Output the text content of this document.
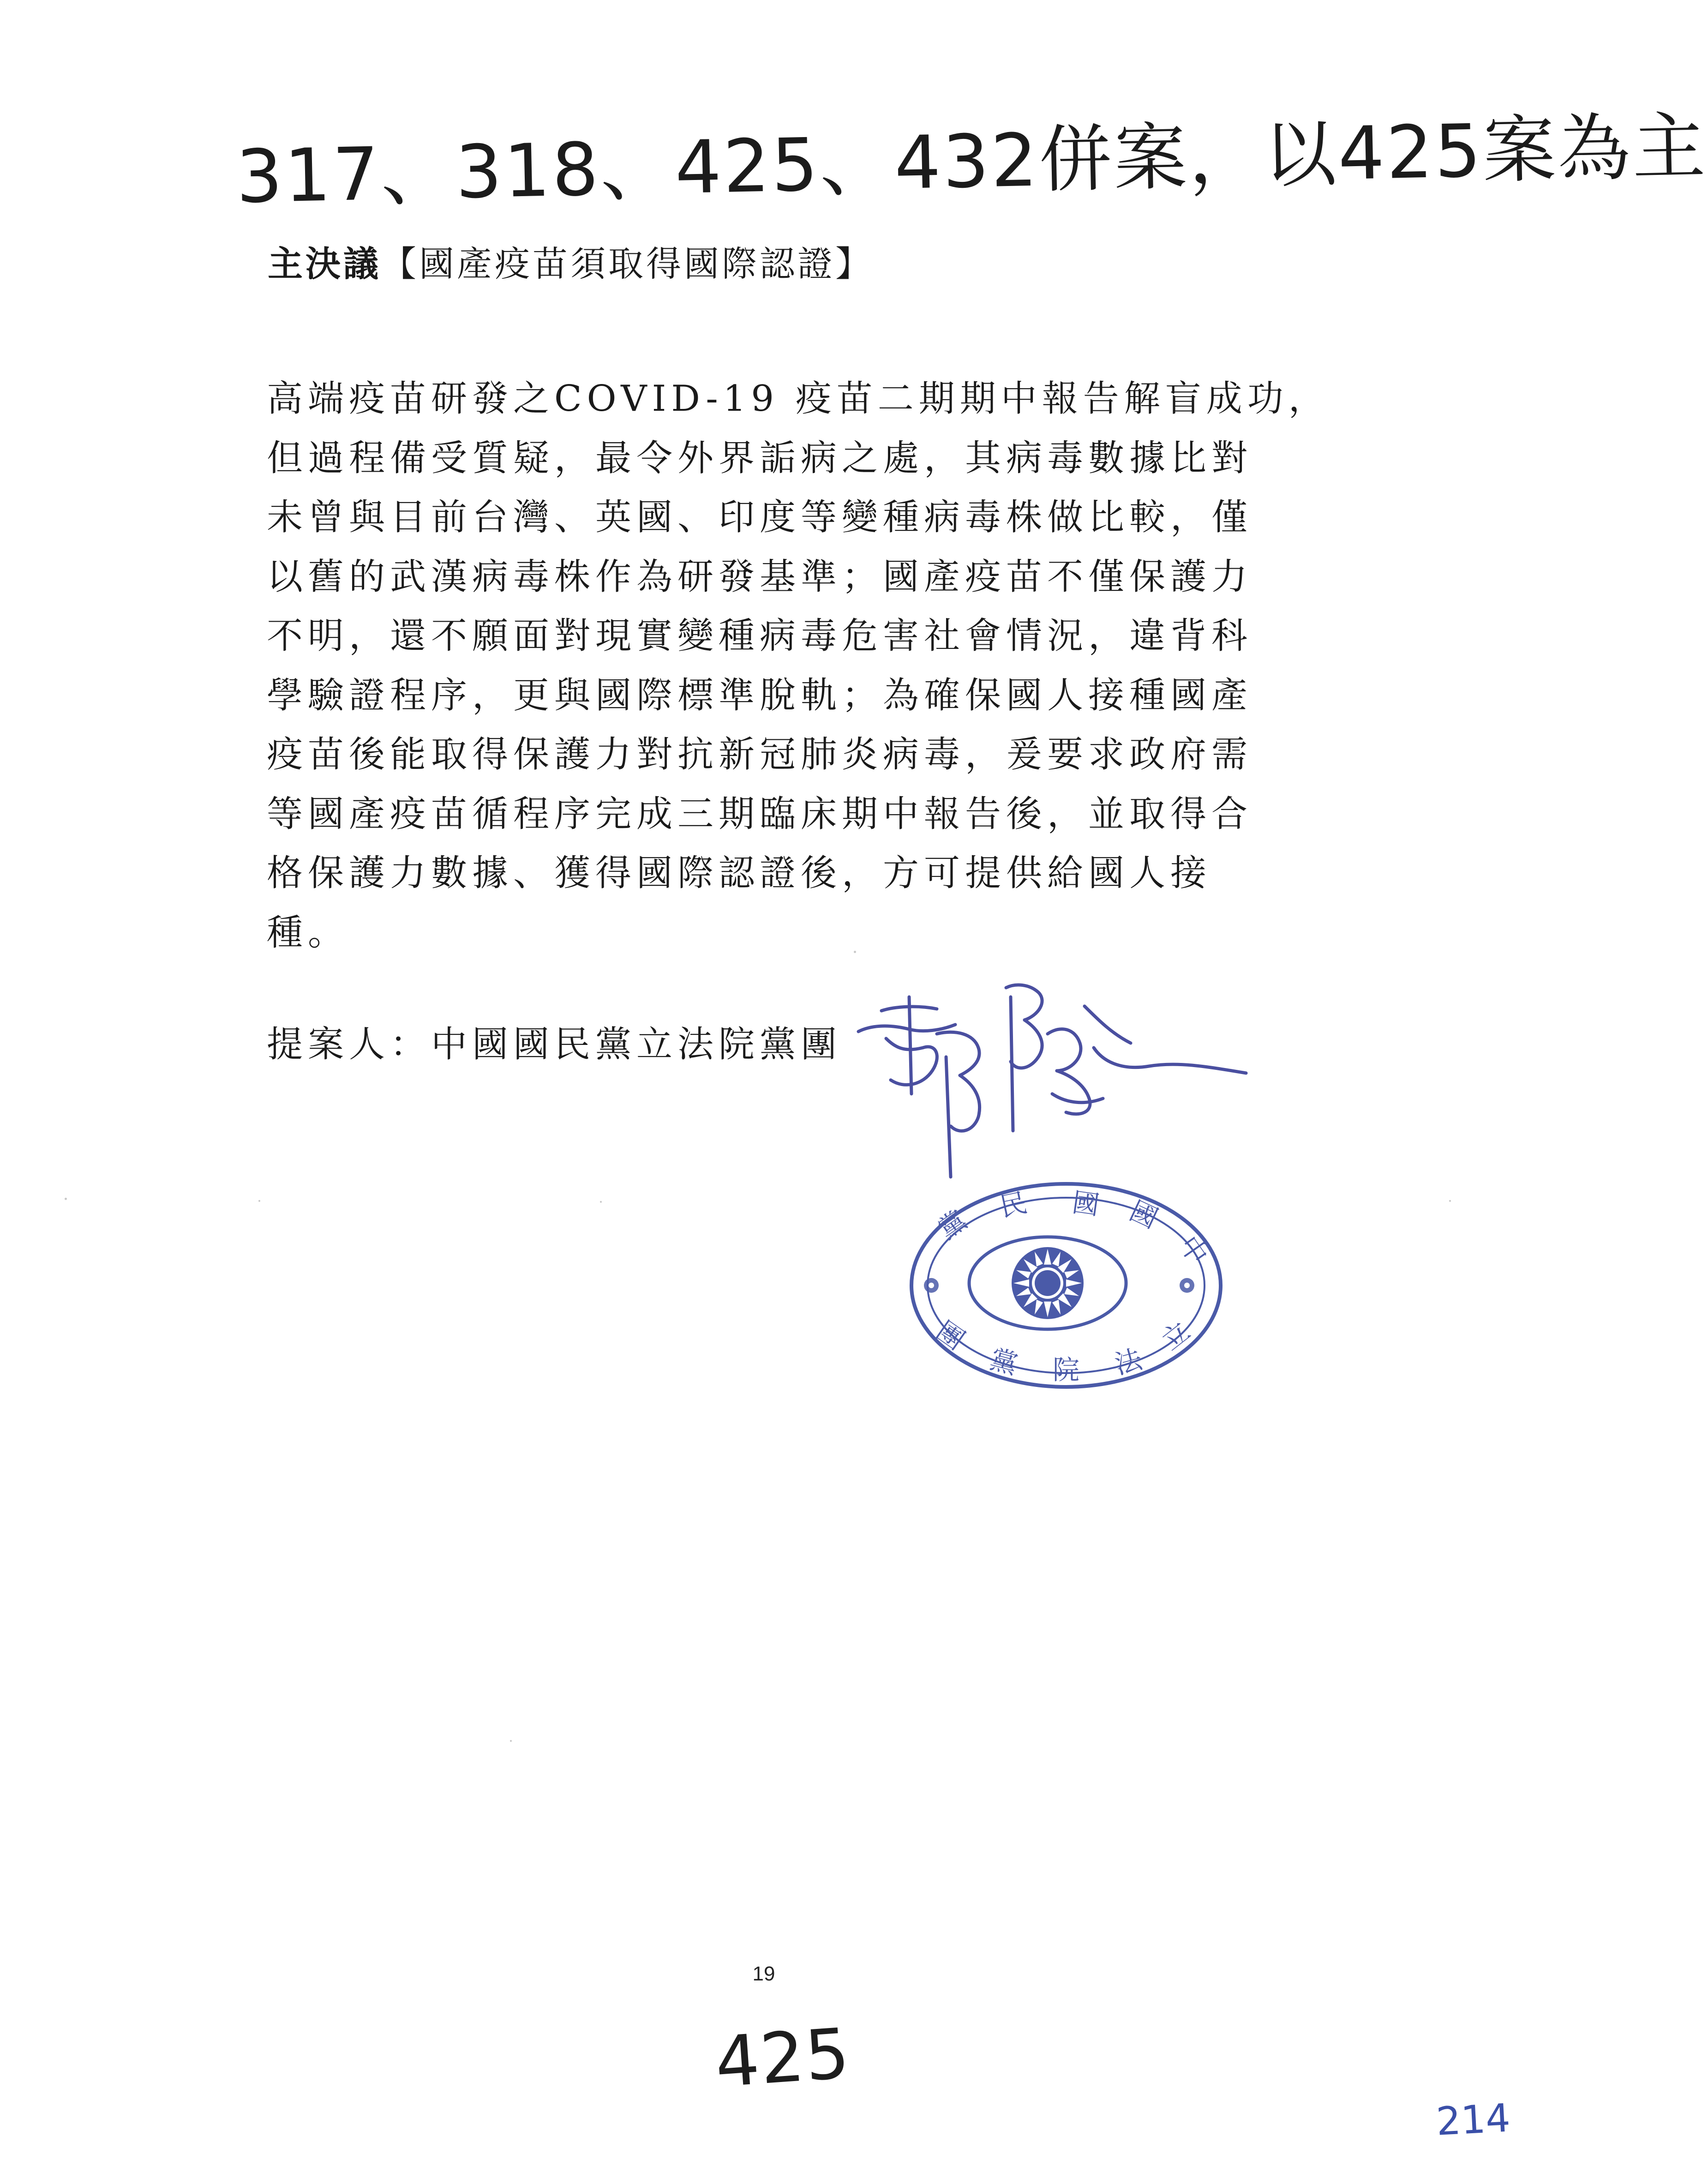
317、318、425、432併案，以425案為主
主決議【國產疫苗須取得國際認證】
高端疫苗研發之COVID-19 疫苗二期期中報告解盲成功，
但過程備受質疑，最令外界詬病之處，其病毒數據比對
未曾與目前台灣、英國、印度等變種病毒株做比較，僅
以舊的武漢病毒株作為研發基準；國產疫苗不僅保護力
不明，還不願面對現實變種病毒危害社會情況，違背科
學驗證程序，更與國際標準脫軌；為確保國人接種國產
疫苗後能取得保護力對抗新冠肺炎病毒，爰要求政府需
等國產疫苗循程序完成三期臨床期中報告後，並取得合
格保護力數據、獲得國際認證後，方可提供給國人接
種。
提案人：中國國民黨立法院黨團
黨 民 國 國
中
團
黨 院 法
立
19
425
214
